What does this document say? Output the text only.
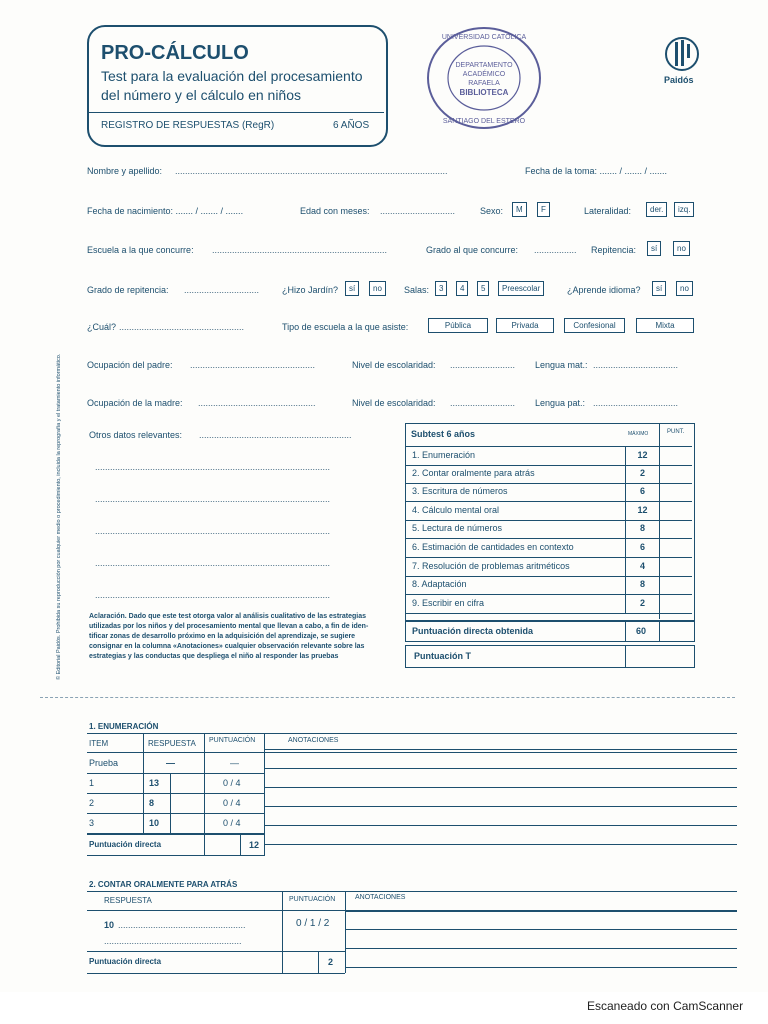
PRO-CÁLCULO
Test para la evaluación del procesamiento
del número y el cálculo en niños
REGISTRO DE RESPUESTAS (RegR)	6 AÑOS
DEPARTAMENTO
ACADÉMICO
RAFAELA
BIBLIOTECA
UNIVERSIDAD CATÓLICA
SANTIAGO DEL ESTERO
Paidós
Nombre y apellido: .............................................................................................................	Fecha de la toma: ....... / ....... / .......
Fecha de nacimiento: ....... / ....... / .......	Edad con meses: ..............................	Sexo:	M	F	Lateralidad:	der.	izq.
Escuela a la que concurre: ......................................................................	Grado al que concurre: .................	Repitencia:	sí	no
Grado de repitencia: ..............................	¿Hizo Jardín?	sí	no	Salas:	3	4	5	Preescolar	¿Aprende idioma?	sí	no
¿Cuál? ..................................................	Tipo de escuela a la que asiste:	Pública	Privada	Confesional	Mixta
Ocupación del padre: ..................................................	Nivel de escolaridad: ..........................	Lengua mat.: ..................................
Ocupación de la madre: ...............................................	Nivel de escolaridad: ..........................	Lengua pat.: ..................................
Otros datos relevantes: .............................................................
..............................................................................................
..............................................................................................
..............................................................................................
..............................................................................................
..............................................................................................
© Editorial Paidós. Prohibida su reproducción por cualquier medio o procedimiento, incluida la reprografía y el tratamiento informático.	Subtest 6 años	MÁXIMO	PUNT.
1. Enumeración	12
2. Contar oralmente para atrás	2
3. Escritura de números	6
4. Cálculo mental oral	12
5. Lectura de números	8
6. Estimación de cantidades en contexto	6
7. Resolución de problemas aritméticos	4
8. Adaptación	8
9. Escribir en cifra	2
Puntuación directa obtenida	60
Puntuación T
Aclaración. Dado que este test otorga valor al análisis cualitativo de las estrategias
utilizadas por los niños y del procesamiento mental que llevan a cabo, a fin de iden-
tificar zonas de desarrollo próximo en la adquisición del aprendizaje, se sugiere
consignar en la columna «Anotaciones» cualquier observación relevante sobre las
estrategias y las conductas que despliega el niño al responder las pruebas
1. ENUMERACIÓN
ITEM	RESPUESTA PUNTUACIÓN	ANOTACIONES
Prueba	—	—
1	13	0 / 4
2	8	0 / 4
3	10	0 / 4
Puntuación directa	12
2. CONTAR ORALMENTE PARA ATRÁS
RESPUESTA	PUNTUACIÓN	ANOTACIONES
10 ...................................................
.......................................................
0 / 1 / 2
Puntuación directa	2
Escaneado con CamScanner
